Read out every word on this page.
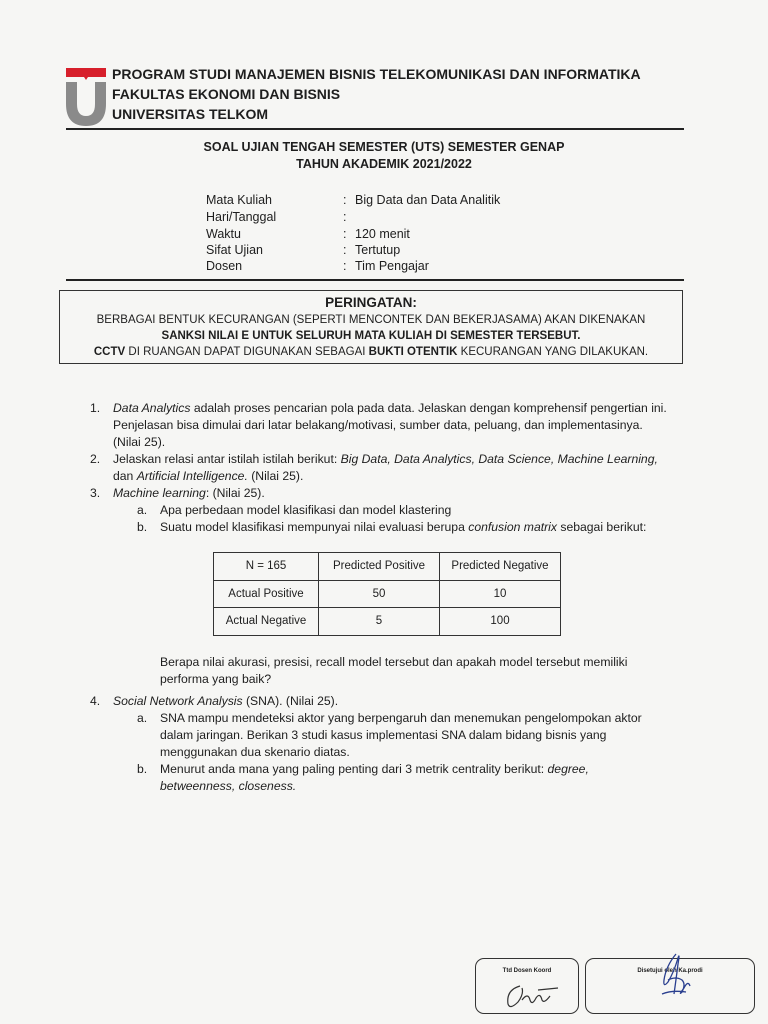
PROGRAM STUDI MANAJEMEN BISNIS TELEKOMUNIKASI DAN INFORMATIKA
FAKULTAS EKONOMI DAN BISNIS
UNIVERSITAS TELKOM
SOAL UJIAN TENGAH SEMESTER (UTS) SEMESTER GENAP
TAHUN AKADEMIK 2021/2022
Mata Kuliah	: Big Data dan Data Analitik
Hari/Tanggal	:
Waktu	: 120 menit
Sifat Ujian	: Tertutup
Dosen	: Tim Pengajar
PERINGATAN:
BERBAGAI BENTUK KECURANGAN (SEPERTI MENCONTEK DAN BEKERJASAMA) AKAN DIKENAKAN
SANKSI NILAI E UNTUK SELURUH MATA KULIAH DI SEMESTER TERSEBUT.
CCTV DI RUANGAN DAPAT DIGUNAKAN SEBAGAI BUKTI OTENTIK KECURANGAN YANG DILAKUKAN.
1. Data Analytics adalah proses pencarian pola pada data. Jelaskan dengan komprehensif pengertian ini.
Penjelasan bisa dimulai dari latar belakang/motivasi, sumber data, peluang, dan implementasinya.
(Nilai 25).
2. Jelaskan relasi antar istilah istilah berikut: Big Data, Data Analytics, Data Science, Machine Learning,
dan Artificial Intelligence. (Nilai 25).
3. Machine learning: (Nilai 25).
a. Apa perbedaan model klasifikasi dan model klastering
b. Suatu model klasifikasi mempunyai nilai evaluasi berupa confusion matrix sebagai berikut:
N = 165	Predicted Positive	Predicted Negative
Actual Positive	50	10
Actual Negative	5	100
Berapa nilai akurasi, presisi, recall model tersebut dan apakah model tersebut memiliki
performa yang baik?
4. Social Network Analysis (SNA). (Nilai 25).
a. SNA mampu mendeteksi aktor yang berpengaruh dan menemukan pengelompokan aktor
dalam jaringan. Berikan 3 studi kasus implementasi SNA dalam bidang bisnis yang
menggunakan dua skenario diatas.
b. Menurut anda mana yang paling penting dari 3 metrik centrality berikut: degree,
betweenness, closeness.
Ttd Dosen Koord	Disetujui oleh Ka.prodi
